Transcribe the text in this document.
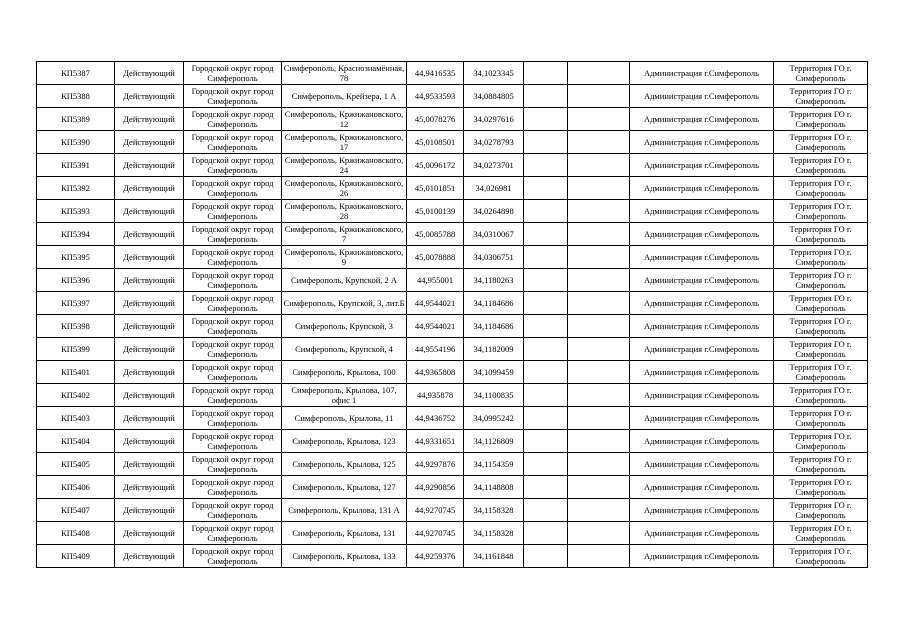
КП5387	Действующий	Городской округ город Симферополь	Симферополь, Краснознамённая, 78	44,9416535	34,1023345			Администрация г.Симферополь	Территория ГО г. Симферополь
КП5388	Действующий	Городской округ город Симферополь	Симферополь, Крейзера, 1 А	44,9533593	34,0884805			Администрация г.Симферополь	Территория ГО г. Симферополь
КП5389	Действующий	Городской округ город Симферополь	Симферополь, Кржижановского, 12	45,0078276	34,0297616			Администрация г.Симферополь	Территория ГО г. Симферополь
КП5390	Действующий	Городской округ город Симферополь	Симферополь, Кржижановского, 17	45,0108501	34,0278793			Администрация г.Симферополь	Территория ГО г. Симферополь
КП5391	Действующий	Городской округ город Симферополь	Симферополь, Кржижановского, 24	45,0096172	34,0273701			Администрация г.Симферополь	Территория ГО г. Симферополь
КП5392	Действующий	Городской округ город Симферополь	Симферополь, Кржижановского, 26	45,0101851	34,026981			Администрация г.Симферополь	Территория ГО г. Симферополь
КП5393	Действующий	Городской округ город Симферополь	Симферополь, Кржижановского, 28	45,0100139	34,0264898			Администрация г.Симферополь	Территория ГО г. Симферополь
КП5394	Действующий	Городской округ город Симферополь	Симферополь, Кржижановского, 7	45,0085788	34,0310067			Администрация г.Симферополь	Территория ГО г. Симферополь
КП5395	Действующий	Городской округ город Симферополь	Симферополь, Кржижановского, 9	45,0078888	34,0306751			Администрация г.Симферополь	Территория ГО г. Симферополь
КП5396	Действующий	Городской округ город Симферополь	Симферополь, Крупской, 2 А	44,955001	34,1180263			Администрация г.Симферополь	Территория ГО г. Симферополь
КП5397	Действующий	Городской округ город Симферополь	Симферополь, Крупской, 3, лит.Б	44,9544021	34,1184686			Администрация г.Симферополь	Территория ГО г. Симферополь
КП5398	Действующий	Городской округ город Симферополь	Симферополь, Крупской, 3	44,9544021	34,1184686			Администрация г.Симферополь	Территория ГО г. Симферополь
КП5399	Действующий	Городской округ город Симферополь	Симферополь, Крупской, 4	44,9554196	34,1182009			Администрация г.Симферополь	Территория ГО г. Симферополь
КП5401	Действующий	Городской округ город Симферополь	Симферополь, Крылова, 100	44,9365808	34,1099459			Администрация г.Симферополь	Территория ГО г. Симферополь
КП5402	Действующий	Городской округ город Симферополь	Симферополь, Крылова, 107, офис 1	44,935878	34,1100835			Администрация г.Симферополь	Территория ГО г. Симферополь
КП5403	Действующий	Городской округ город Симферополь	Симферополь, Крылова, 11	44,9436752	34,0995242			Администрация г.Симферополь	Территория ГО г. Симферополь
КП5404	Действующий	Городской округ город Симферополь	Симферополь, Крылова, 123	44,9331651	34,1126809			Администрация г.Симферополь	Территория ГО г. Симферополь
КП5405	Действующий	Городской округ город Симферополь	Симферополь, Крылова, 125	44,9297876	34,1154359			Администрация г.Симферополь	Территория ГО г. Симферополь
КП5406	Действующий	Городской округ город Симферополь	Симферополь, Крылова, 127	44,9290856	34,1148808			Администрация г.Симферополь	Территория ГО г. Симферополь
КП5407	Действующий	Городской округ город Симферополь	Симферополь, Крылова, 131 А	44,9270745	34,1158328			Администрация г.Симферополь	Территория ГО г. Симферополь
КП5408	Действующий	Городской округ город Симферополь	Симферополь, Крылова, 131	44,9270745	34,1158328			Администрация г.Симферополь	Территория ГО г. Симферополь
КП5409	Действующий	Городской округ город Симферополь	Симферополь, Крылова, 133	44,9259376	34,1161848			Администрация г.Симферополь	Территория ГО г. Симферополь
